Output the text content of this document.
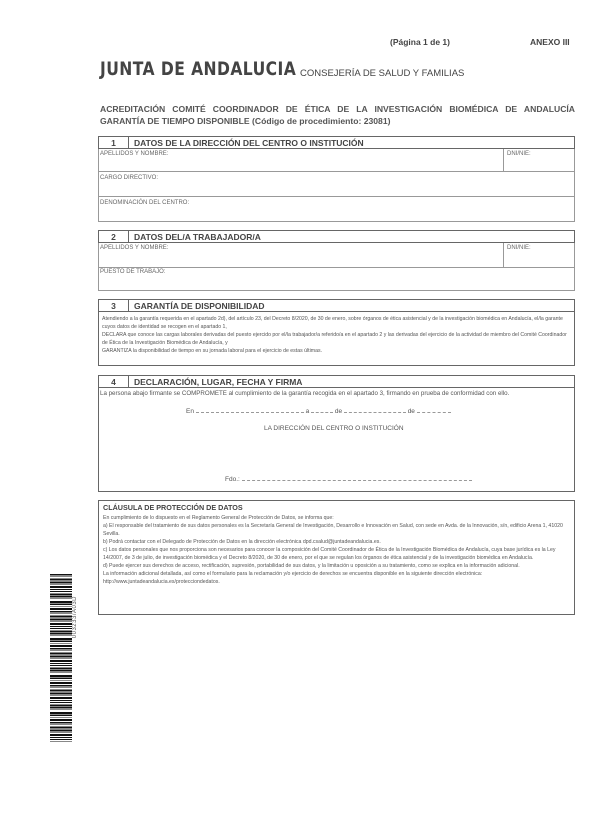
(Página 1 de 1)	ANEXO III
JUNTA DE ANDALUCIA CONSEJERÍA DE SALUD Y FAMILIAS
ACREDITACIÓN COMITÉ COORDINADOR DE ÉTICA DE LA INVESTIGACIÓN BIOMÉDICA DE ANDALUCÍA GARANTÍA DE TIEMPO DISPONIBLE (Código de procedimiento: 23081)
1	DATOS DE LA DIRECCIÓN DEL CENTRO O INSTITUCIÓN
APELLIDOS Y NOMBRE:	DNI/NIE:
CARGO DIRECTIVO:
DENOMINACIÓN DEL CENTRO:
2	DATOS DEL/A TRABAJADOR/A
APELLIDOS Y NOMBRE:	DNI/NIE:
PUESTO DE TRABAJO:
3	GARANTÍA DE DISPONIBILIDAD
Atendiendo a la garantía requerida en el apartado 2d), del artículo 23, del Decreto 8/2020, de 30 de enero, sobre órganos de ética asistencial y de la investigación biomédica en Andalucía, el/la garante cuyos datos de identidad se recogen en el apartado 1,
DECLARA que conoce las cargas laborales derivadas del puesto ejercido por el/la trabajador/a referido/a en el apartado 2 y las derivadas del ejercicio de la actividad de miembro del Comité Coordinador de Ética de la Investigación Biomédica de Andalucía, y
GARANTIZA la disponibilidad de tiempo en su jornada laboral para el ejercicio de estas últimas.
4	DECLARACIÓN, LUGAR, FECHA Y FIRMA
La persona abajo firmante se COMPROMETE al cumplimiento de la garantía recogida en el apartado 3, firmando en prueba de conformidad con ello.
En	a	de	de
LA DIRECCIÓN DEL CENTRO O INSTITUCIÓN
Fdo.:
CLÁUSULA DE PROTECCIÓN DE DATOS
En cumplimiento de lo dispuesto en el Reglamento General de Protección de Datos, se informa que:
a) El responsable del tratamiento de sus datos personales es la Secretaría General de Investigación, Desarrollo e Innovación en Salud, con sede en Avda. de la Innovación, s/n, edificio Arena 1, 41020 Sevilla.
b) Podrá contactar con el Delegado de Protección de Datos en la dirección electrónica dpd.csalud@juntadeandalucia.es.
c) Los datos personales que nos proporciona son necesarios para conocer la composición del Comité Coordinador de Ética de la Investigación Biomédica de Andalucía, cuya base jurídica es la Ley 14/2007, de 3 de julio, de investigación biomédica y el Decreto 8/2020, de 30 de enero, por el que se regulan los órganos de ética asistencial y de la investigación biomédica en Andalucía.
d) Puede ejercer sus derechos de acceso, rectificación, supresión, portabilidad de sus datos, y la limitación u oposición a su tratamiento, como se explica en la información adicional.
La información adicional detallada, así como el formulario para la reclamación y/o ejercicio de derechos se encuentra disponible en la siguiente dirección electrónica: http://www.juntadeandalucia.es/protecciondedatos.
003233/A03D
